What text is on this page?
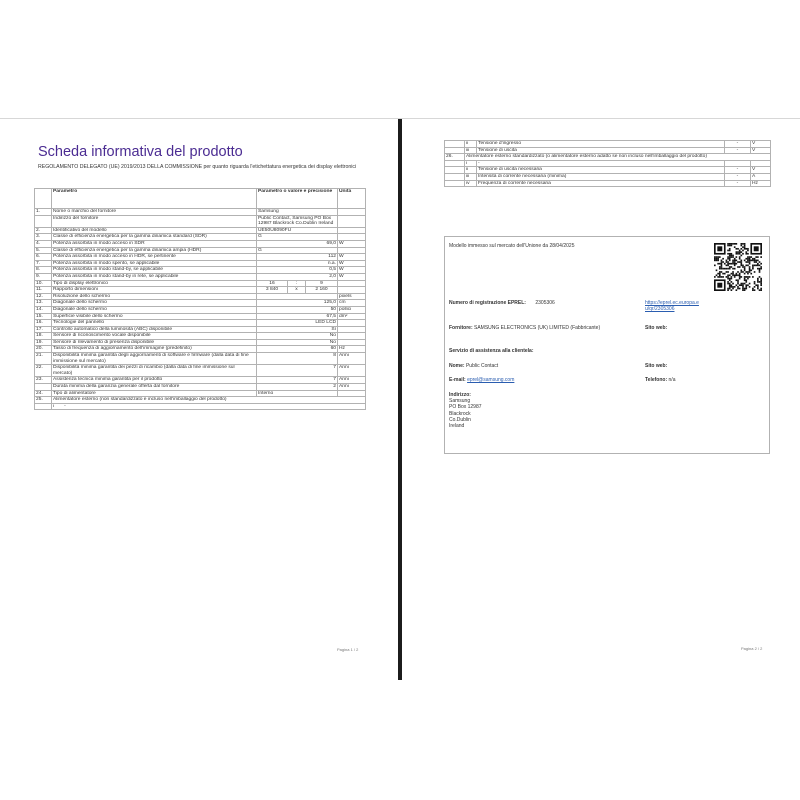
Scheda informativa del prodotto
REGOLAMENTO DELEGATO (UE) 2019/2013 DELLA COMMISSIONE per quanto riguarda l'etichettatura energetica dei display elettronici
	Parametro	Parametro o valore e precisione			Unità
1.	Nome o marchio del fornitore	Samsung			
	Indirizzo del fornitore	Public Contact, Samsung PO Box 12987 Blackrock Co.Dublin Ireland			
2.	Identificativo del modello	UE50U8090FU			
3.	Classe di efficienza energetica per la gamma dinamica standard (SDR)	G			
4.	Potenza assorbita in modo acceso in SDR	69,0			W
5.	Classe di efficienza energetica per la gamma dinamica ampia (HDR)	G			
6.	Potenza assorbita in modo acceso in HDR, se pertinente	112			W
7.	Potenza assorbita in modo spento, se applicabile	n.a.			W
8.	Potenza assorbita in modo stand-by, se applicabile	0,5			W
9.	Potenza assorbita in modo stand-by in rete, se applicabile	2,0			W
10.	Tipo di display elettronico	16	:	9	
11.	Rapporto dimensioni	3 840	x	2 160	
12.	Risoluzione dello schermo				pixels
13.	Diagonale dello schermo	125,0			cm
14.	Diagonale dello schermo	50			pollici
15.	Superficie visibile dello schermo	67,5			dm²
16.	Tecnologie del pannello	LED LCD			
17.	Controllo automatico della luminosità (ABC) disponibile	Sì			
18.	Sensore di riconoscimento vocale disponibile	No			
19.	Sensore di rilevamento di presenza disponibile	No			
20.	Tasso di frequenza di aggiornamento dell'immagine (predefinito)	60			Hz
21.	Disponibilità minima garantita degli aggiornamenti di software e firmware (dalla data di fine immissione sul mercato)	8			Anni
22.	Disponibilità minima garantita dei pezzi di ricambio (dalla data di fine immissione sul mercato)	7			Anni
23.	Assistenza tecnica minima garantita per il prodotto	7			Anni
	Durata minima della garanzia generale offerta dal fornitore	2			Anni
24.	Tipo di alimentatore	Interno			
25.	Alimentatore esterno (non standardizzato e incluso nell'imballaggio del prodotto)				
	i -				
Pagina 1 / 2
	ii	Tensione d'ingresso	-	V
	iii	Tensione di uscita	-	V
26.	Alimentatore esterno standardizzato (o alimentatore esterno adatto se non incluso nell'imballaggio del prodotto)			
	i	-		
	ii	Tensione di uscita necessaria	-	V
	iii	Intensità di corrente necessaria (minima)	-	A
	iv	Frequenza di corrente necessaria	-	Hz
Modello immesso sul mercato dell'Unione da 28/04/2025
Numero di registrazione EPREL: 2305306	https://eprel.ec.europa.eu/qr/2305306
Fornitore: SAMSUNG ELECTRONICS (UK) LIMITED (Fabbricante)	Sito web:
Servizio di assistenza alla clientela:
Nome: Public Contact	Sito web:
E-mail: eprel@samsung.com	Telefono: n/a
Indirizzo:
Samsung
PO Box 12987
Blackrock
Co.Dublin
Ireland
Pagina 2 / 2
